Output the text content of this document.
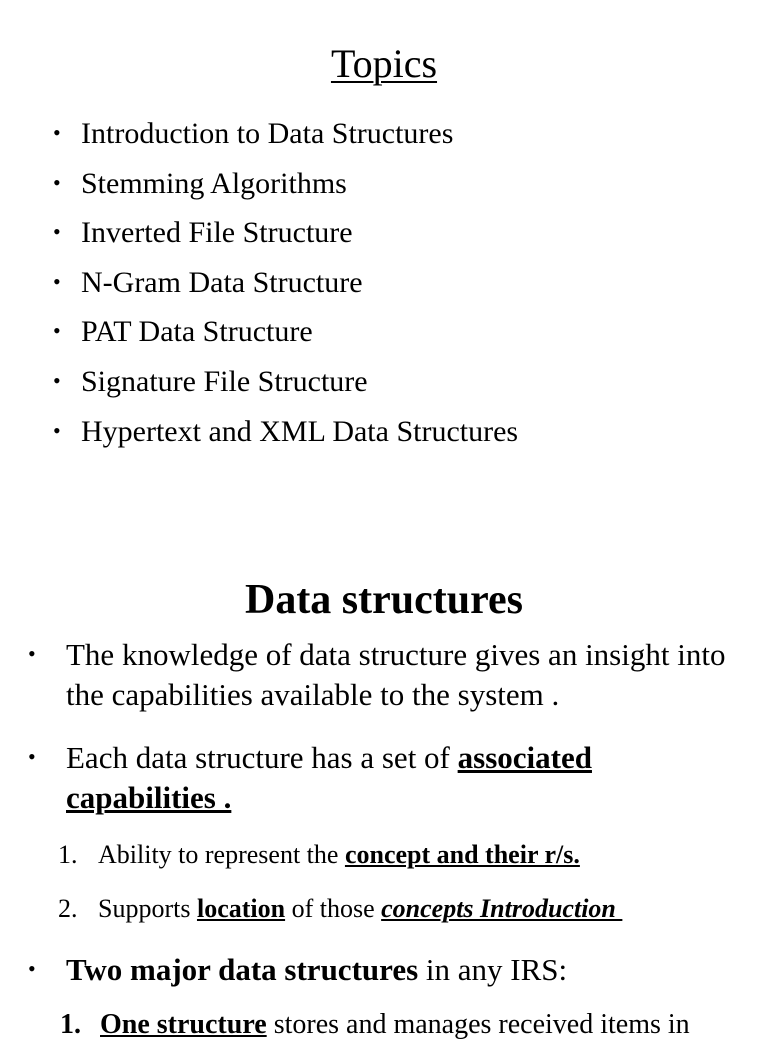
Topics
• Introduction to Data Structures
• Stemming Algorithms
• Inverted File Structure
• N-Gram Data Structure
• PAT Data Structure
• Signature File Structure
• Hypertext and XML Data Structures
Data structures
• The knowledge of data structure gives an insight into the capabilities available to the system .
• Each data structure has a set of associated capabilities .
1. Ability to represent the concept and their r/s.
2. Supports location of those concepts Introduction
• Two major data structures in any IRS:
1. One structure stores and manages received items in
